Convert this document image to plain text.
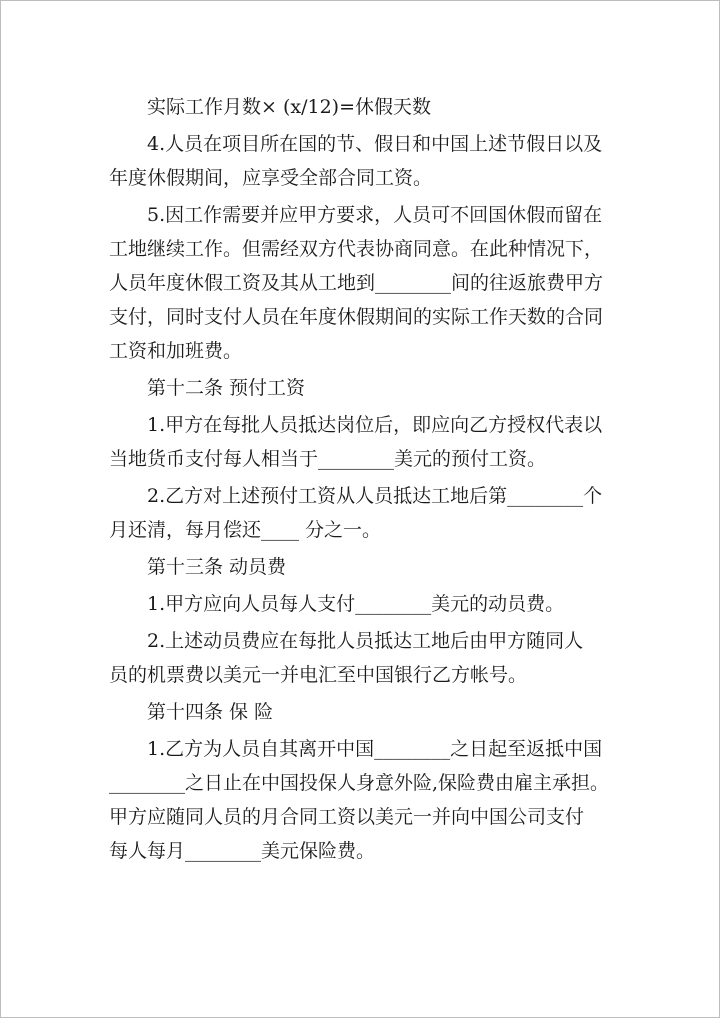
实际工作月数× (x/12)=休假天数

4.人员在项目所在国的节、假日和中国上述节假日以及

年度休假期间，应享受全部合同工资。

5.因工作需要并应甲方要求，人员可不回国休假而留在

工地继续工作。但需经双方代表协商同意。在此种情况下，

人员年度休假工资及其从工地到________间的往返旅费甲方

支付，同时支付人员在年度休假期间的实际工作天数的合同

工资和加班费。

第十二条 预付工资

1.甲方在每批人员抵达岗位后，即应向乙方授权代表以

当地货币支付每人相当于________美元的预付工资。

2.乙方对上述预付工资从人员抵达工地后第________个

月还清，每月偿还____ 分之一。

第十三条 动员费

1.甲方应向人员每人支付________美元的动员费。

2.上述动员费应在每批人员抵达工地后由甲方随同人

员的机票费以美元一并电汇至中国银行乙方帐号。

第十四条 保 险

1.乙方为人员自其离开中国________之日起至返抵中国

________之日止在中国投保人身意外险,保险费由雇主承担。

甲方应随同人员的月合同工资以美元一并向中国公司支付

每人每月________美元保险费。
